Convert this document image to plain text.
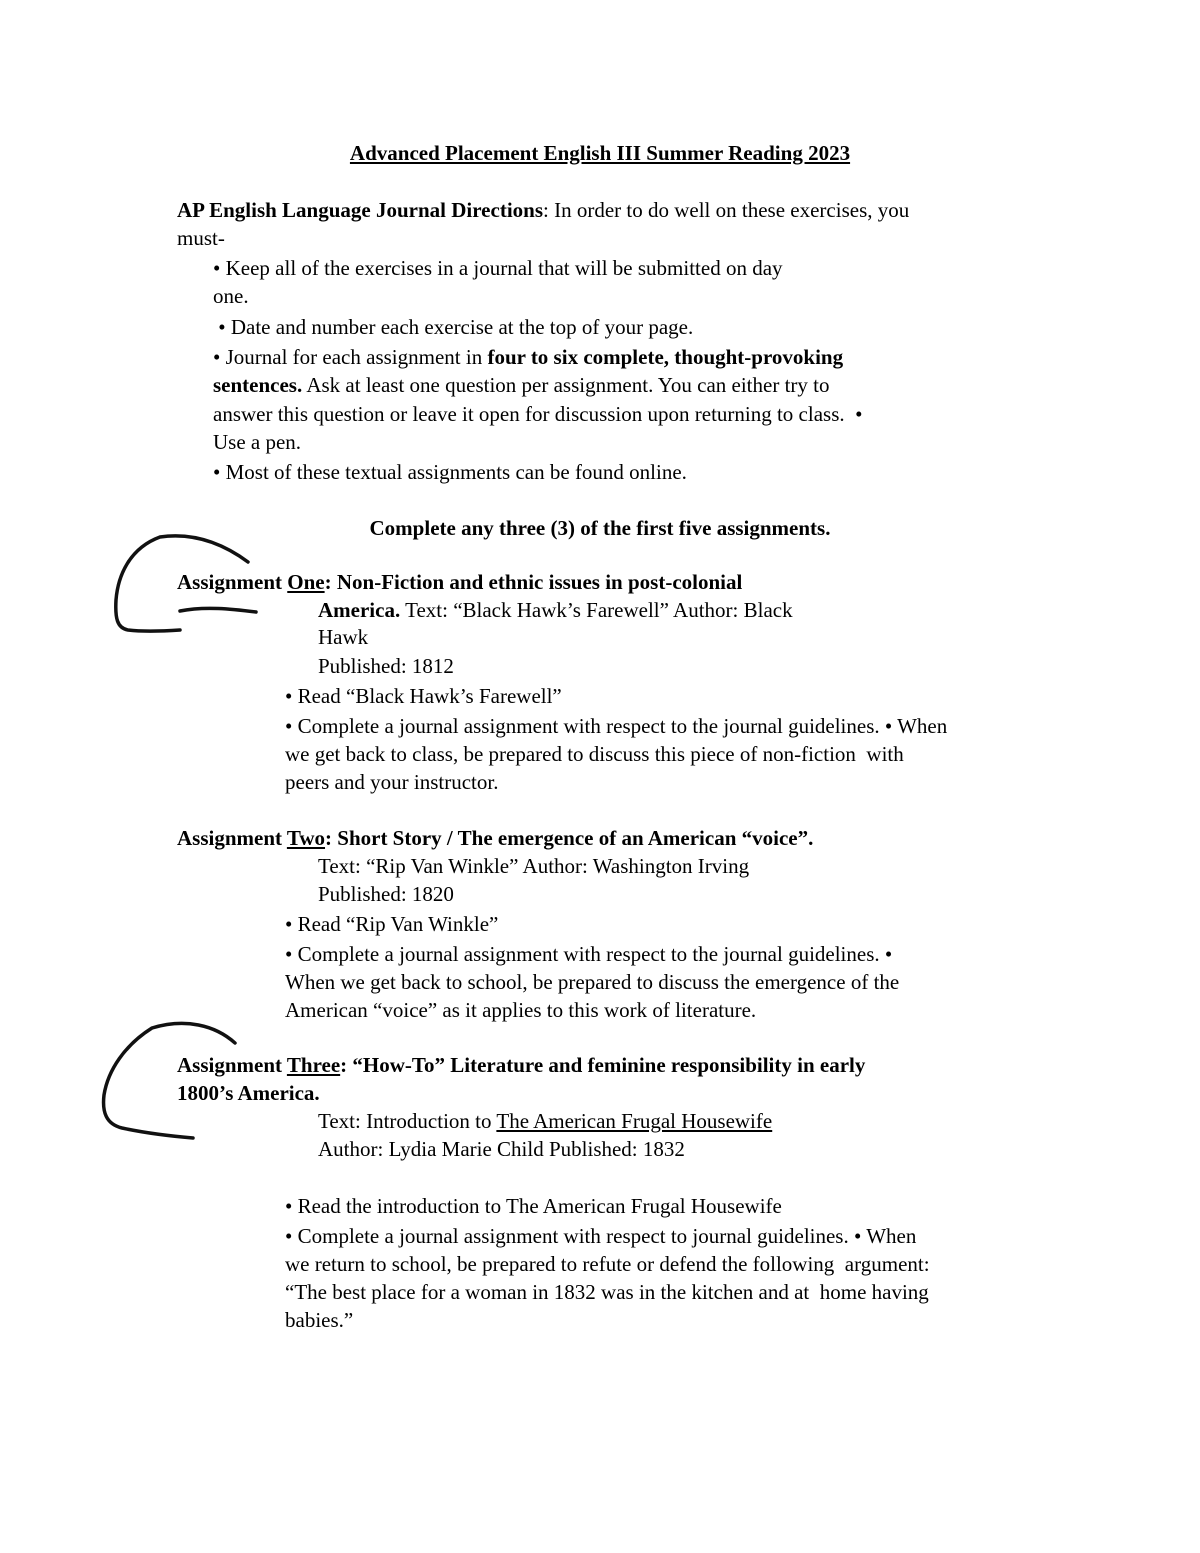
Advanced Placement English III Summer Reading 2023
AP English Language Journal Directions: In order to do well on these exercises, you
must-
• Keep all of the exercises in a journal that will be submitted on day
one.
• Date and number each exercise at the top of your page.
• Journal for each assignment in four to six complete, thought-provoking
sentences. Ask at least one question per assignment. You can either try to
answer this question or leave it open for discussion upon returning to class.  •
Use a pen.
• Most of these textual assignments can be found online.
Complete any three (3) of the first five assignments.
Assignment One: Non-Fiction and ethnic issues in post-colonial
America. Text: “Black Hawk’s Farewell” Author: Black
Hawk
Published: 1812
• Read “Black Hawk’s Farewell”
• Complete a journal assignment with respect to the journal guidelines. • When
we get back to class, be prepared to discuss this piece of non-fiction  with
peers and your instructor.
Assignment Two: Short Story / The emergence of an American “voice”.
Text: “Rip Van Winkle” Author: Washington Irving
Published: 1820
• Read “Rip Van Winkle”
• Complete a journal assignment with respect to the journal guidelines. •
When we get back to school, be prepared to discuss the emergence of the
American “voice” as it applies to this work of literature.
Assignment Three: “How-To” Literature and feminine responsibility in early
1800’s America.
Text: Introduction to The American Frugal Housewife
Author: Lydia Marie Child Published: 1832
• Read the introduction to The American Frugal Housewife
• Complete a journal assignment with respect to journal guidelines. • When
we return to school, be prepared to refute or defend the following  argument:
“The best place for a woman in 1832 was in the kitchen and at  home having
babies.”
